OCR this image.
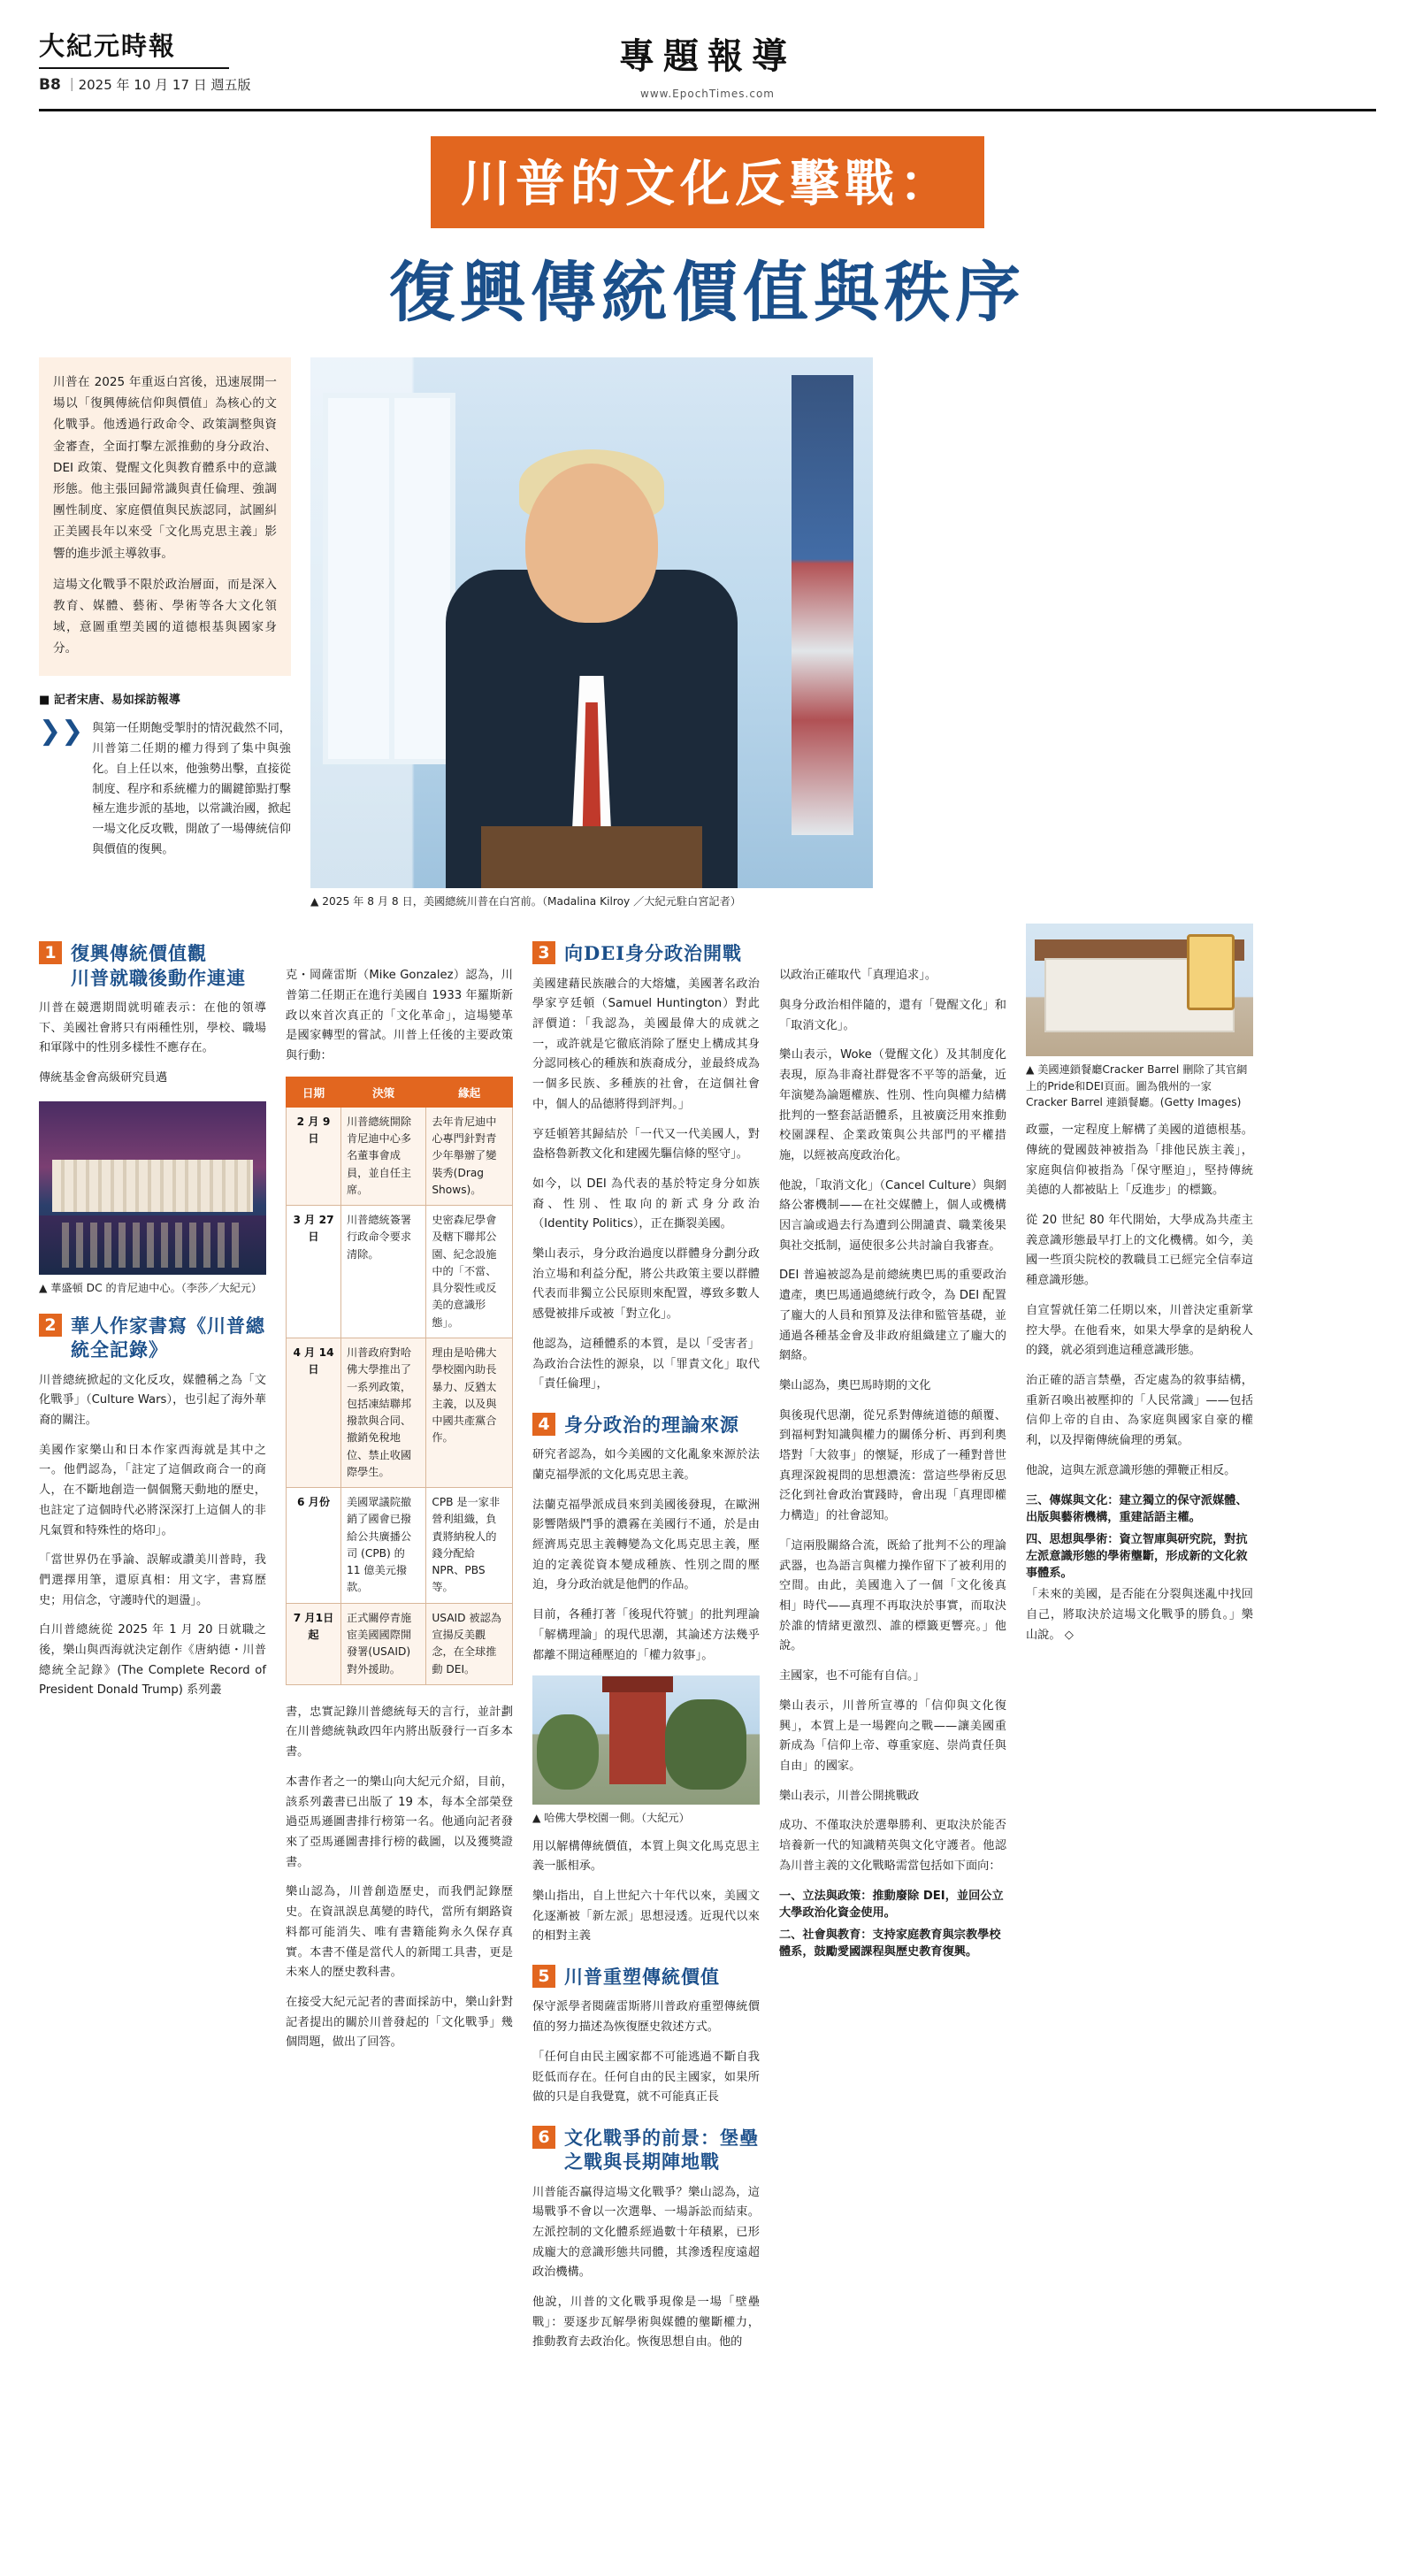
大紀元時報
B8 ｜2025 年 10 月 17 日 週五版
專題報導
www.EpochTimes.com
川普的文化反擊戰：
復興傳統價值與秩序

川普在 2025 年重返白宮後，迅速展開一場以「復興傳統信仰與價值」為核心的文化戰爭。他透過行政命令、政策調整與資金審查，全面打擊左派推動的身分政治、DEI 政策、覺醒文化與教育體系中的意識形態。他主張回歸常識與責任倫理、強調團性制度、家庭價值與民族認同，試圖糾正美國長年以來受「文化馬克思主義」影響的進步派主導敘事。

這場文化戰爭不限於政治層面，而是深入教育、媒體、藝術、學術等各大文化領域，意圖重塑美國的道德根基與國家身分。

■ 記者宋唐、易如採訪報導
❯❯ 與第一任期飽受掣肘的情況截然不同，川普第二任期的權力得到了集中與強化。自上任以來，他強勢出擊，直接從制度、程序和系統權力的關鍵節點打擊極左進步派的基地，以常識治國，掀起一場文化反攻戰，開啟了一場傳統信仰與價值的復興。

▲ 2025 年 8 月 8 日，美國總統川普在白宮前。（Madalina Kilroy ／大紀元駐白宮記者）
1 復興傳統價值觀
川普就職後動作連連

川普在競選期間就明確表示：在他的領導下、美國社會將只有兩種性別，學校、職場和軍隊中的性別多樣性不應存在。

傳統基金會高級研究員邁

▲ 華盛頓 DC 的肯尼迪中心。（李莎／大紀元）
2 華人作家書寫《川普總統全記錄》

川普總統掀起的文化反攻，媒體稱之為「文化戰爭」（Culture Wars），也引起了海外華裔的關注。

美國作家樂山和日本作家西海就是其中之一。他們認為，「註定了這個政商合一的商人，在不斷地創造一個個驚天動地的歷史，也註定了這個時代必將深深打上這個人的非凡氣質和特殊性的烙印」。

「當世界仍在爭論、誤解或讚美川普時，我們選擇用筆，還原真相：用文字，書寫歷史；用信念，守護時代的迴盪」。

白川普總統從 2025 年 1 月 20 日就職之後，樂山與西海就決定創作《唐納德・川普總統全記錄》(The Complete Record of President Donald Trump) 系列叢

克・岡薩雷斯（Mike Gonzalez）認為，川普第二任期正在進行美國自 1933 年羅斯新政以來首次真正的「文化革命」，這場變革是國家轉型的嘗試。川普上任後的主要政策與行動：

日期	決策	緣起
2 月 9 日	川普總統開除肯尼迪中心多名董事會成員，並自任主席。	去年肯尼迪中心專門針對青少年舉辦了變裝秀(Drag Shows)。
3 月 27 日	川普總統簽署行政命令要求清除。	史密森尼學會及轄下聯邦公園、紀念設施中的「不當、具分裂性或反美的意識形態」。
4 月 14 日	川普政府對哈佛大學推出了一系列政策，包括凍結聯邦撥款與合同、撤銷免稅地位、禁止收國際學生。	理由是哈佛大學校園內助長暴力、反猶太主義，以及與中國共產黨合作。
6 月份	美國眾議院撤銷了國會已撥給公共廣播公司 (CPB) 的 11 億美元撥款。	CPB 是一家非營利組織，負責將納稅人的錢分配給 NPR、PBS 等。
7 月1日起	正式關停青施宦美國國際開發署(USAID)對外援助。	USAID 被認為宣揚反美觀念，在全球推動 DEI。

書，忠實記錄川普總統每天的言行，並計劃在川普總統執政四年内將出版發行一百多本書。

本書作者之一的樂山向大紀元介紹，目前，該系列叢書已出版了 19 本，每本全部榮登過亞馬遜圖書排行榜第一名。他通向記者發來了亞馬遜圖書排行榜的截圖，以及獲獎證書。

樂山認為，川普創造歷史，而我們記錄歷史。在資訊誤息萬變的時代，當所有網路資料都可能消失、唯有書籍能夠永久保存真實。本書不僅是當代人的新聞工具書，更是未來人的歷史教科書。

在接受大紀元記者的書面採訪中，樂山針對記者提出的關於川普發起的「文化戰爭」幾個問題，做出了回答。

3 向DEI身分政治開戰

美國建藉民族融合的大熔爐，美國著名政治學家亨廷頓（Samuel Huntington）對此評價道：「我認為，美國最偉大的成就之一，或許就是它徹底消除了歷史上構成其身分認同核心的種族和族裔成分，並最終成為一個多民族、多種族的社會，在這個社會中，個人的品德將得到評判。」

亨廷頓箬其歸結於「一代又一代美國人，對盎格魯新教文化和建國先驅信條的堅守」。

如今，以 DEI 為代表的基於特定身分如族裔、性別、性取向的新式身分政治（Identity Politics），正在撕裂美國。

樂山表示，身分政治過度以群體身分劃分政治立場和利益分配，將公共政策主要以群體代表而非獨立公民原則來配置，導致多數人感覺被排斥或被「對立化」。

他認為，這種體系的本質，是以「受害者」為政治合法性的源泉，以「罪責文化」取代「責任倫理」，

4 身分政治的理論來源

研究者認為，如今美國的文化亂象來源於法蘭克福學派的文化馬克思主義。

法蘭克福學派成員來到美國後發現，在歐洲影響階級鬥爭的濃霧在美國行不通，於是由經濟馬克思主義轉變為文化馬克思主義，壓迫的定義從資本變成種族、性別之間的壓迫，身分政治就是他們的作品。

目前，各種打著「後現代符號」的批判理論「解構理論」的現代思潮，其論述方法幾乎都離不開這種壓迫的「權力敘事」。

▲ 哈佛大學校園一側。（大紀元）

用以解構傳統價值，本質上與文化馬克思主義一脈相承。

樂山指出，自上世紀六十年代以來，美國文化逐漸被「新左派」思想浸透。近現代以來的相對主義

5 川普重塑傳統價值

保守派學者閱薩雷斯將川普政府重塑傳統價值的努力描述為恢復歷史敘述方式。

「任何自由民主國家都不可能逃過不斷自我貶低而存在。任何自由的民主國家，如果所做的只是自我覺寬，就不可能真正長

6 文化戰爭的前景：堡壘之戰與長期陣地戰

川普能否贏得這場文化戰爭？樂山認為，這場戰爭不會以一次選舉、一場訴訟而結束。左派控制的文化體系經過數十年積累，已形成龐大的意識形態共同體，其滲透程度遠超政治機構。

他說，川普的文化戰爭現像是一場「壁壘戰」：要逐步瓦解學術與媒體的壟斷權力，推動教育去政治化。恢復思想自由。他的

以政治正確取代「真理追求」。

與身分政治相伴隨的，還有「覺醒文化」和「取消文化」。

樂山表示，Woke（覺醒文化）及其制度化表現，原為非裔社群覺客不平等的語彙，近年演變為論題權族、性別、性向與權力結構批判的一整套話語體系，且被廣泛用來推動校園課程、企業政策與公共部門的平權措施，以經被高度政治化。

他說，「取消文化」（Cancel Culture）與網絡公審機制——在社交媒體上，個人或機構因言論或過去行為遭到公開譴責、職業後果與社交抵制，逼使很多公共討論自我審查。

DEI 普遍被認為是前總統奧巴馬的重要政治遺產，奧巴馬通過總統行政令，為 DEI 配置了龐大的人員和預算及法律和監管基礎，並通過各種基金會及非政府組織建立了龐大的網絡。

樂山認為，奧巴馬時期的文化

與後現代思潮，從兄系對傳統道德的顛覆、到福柯對知識與權力的關係分析、再到利奧塔對「大敘事」的懷疑，形成了一種對普世真理深銳視問的思想濃流：當這些學術反思泛化到社會政治實踐時，會出現「真理即權力構造」的社會認知。

「這兩股關絡合流，既給了批判不公的理論武器，也為語言與權力操作留下了被利用的空間。由此，美國進入了一個「文化後真相」時代——真理不再取決於事實，而取決於誰的情緒更激烈、誰的標籤更響亮。」他說。

主國家，也不可能有自信。」

樂山表示，川普所宣導的「信仰與文化復興」，本質上是一場鏗向之戰——讓美國重新成為「信仰上帝、尊重家庭、崇尚責任與自由」的國家。

樂山表示，川普公開挑戰政

成功、不僅取決於選舉勝利、更取決於能否培養新一代的知識精英與文化守護者。他認為川普主義的文化戰略需當包括如下面向：

一、立法與政策：推動廢除 DEI，並回公立大學政治化資金使用。
二、社會與教育：支持家庭教育與宗教學校體系，鼓勵愛國課程與歷史教育復興。
▲ 美國連鎖餐廳Cracker Barrel 刪除了其官網上的Pride和DEI頁面。圖為俄州的一家 Cracker Barrel 連鎖餐廳。(Getty Images)

政靈，一定程度上解構了美國的道德根基。傳統的覺國鼓神被指為「排他民族主義」，家庭與信仰被指為「保守壓迫」，堅持傳統美德的人都被貼上「反進步」的標籤。

從 20 世紀 80 年代開始，大學成為共產主義意識形態最早打上的文化機構。如今，美國一些頂尖院校的教職員工已經完全信奉這種意識形態。

自宣誓就任第二任期以來，川普決定重新掌控大學。在他看來，如果大學拿的是納稅人的錢，就必須到進這種意識形態。

治正確的語言禁壘，否定處為的敘事結構，重新召喚出被壓抑的「人民常識」——包括信仰上帝的自由、為家庭與國家自豪的權利，以及捍衛傳統倫理的勇氣。

他說，這與左派意識形態的彈鞭正相反。

三、傳媒與文化：建立獨立的保守派媒體、出版與藝術機構，重建話語主權。
四、思想與學術：資立智庫與研究院，對抗左派意識形態的學術壟斷，形成新的文化敘事體系。

「未來的美國，是否能在分裂與迷亂中找回自己，將取決於這場文化戰爭的勝負。」樂山說。 ◇
